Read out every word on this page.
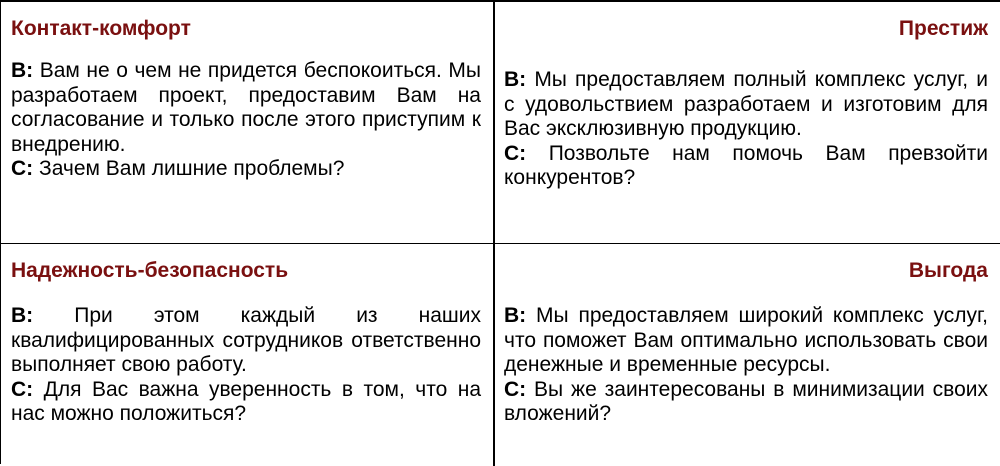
Контакт-комфорт

В: Вам не о чем не придется беспокоиться. Мы разработаем проект, предоставим Вам на согласование и только после этого приступим к внедрению.

С: Зачем Вам лишние проблемы?

Престиж

В: Мы предоставляем полный комплекс услуг, и с удовольствием разработаем и изготовим для Вас эксклюзивную продукцию.

С: Позвольте нам помочь Вам превзойти конкурентов?

Надежность-безопасность

В: При этом каждый из наших квалифицированных сотрудников ответственно выполняет свою работу.

С: Для Вас важна уверенность в том, что на нас можно положиться?

Выгода

В: Мы предоставляем широкий комплекс услуг, что поможет Вам оптимально использовать свои денежные и временные ресурсы.

С: Вы же заинтересованы в минимизации своих вложений?
